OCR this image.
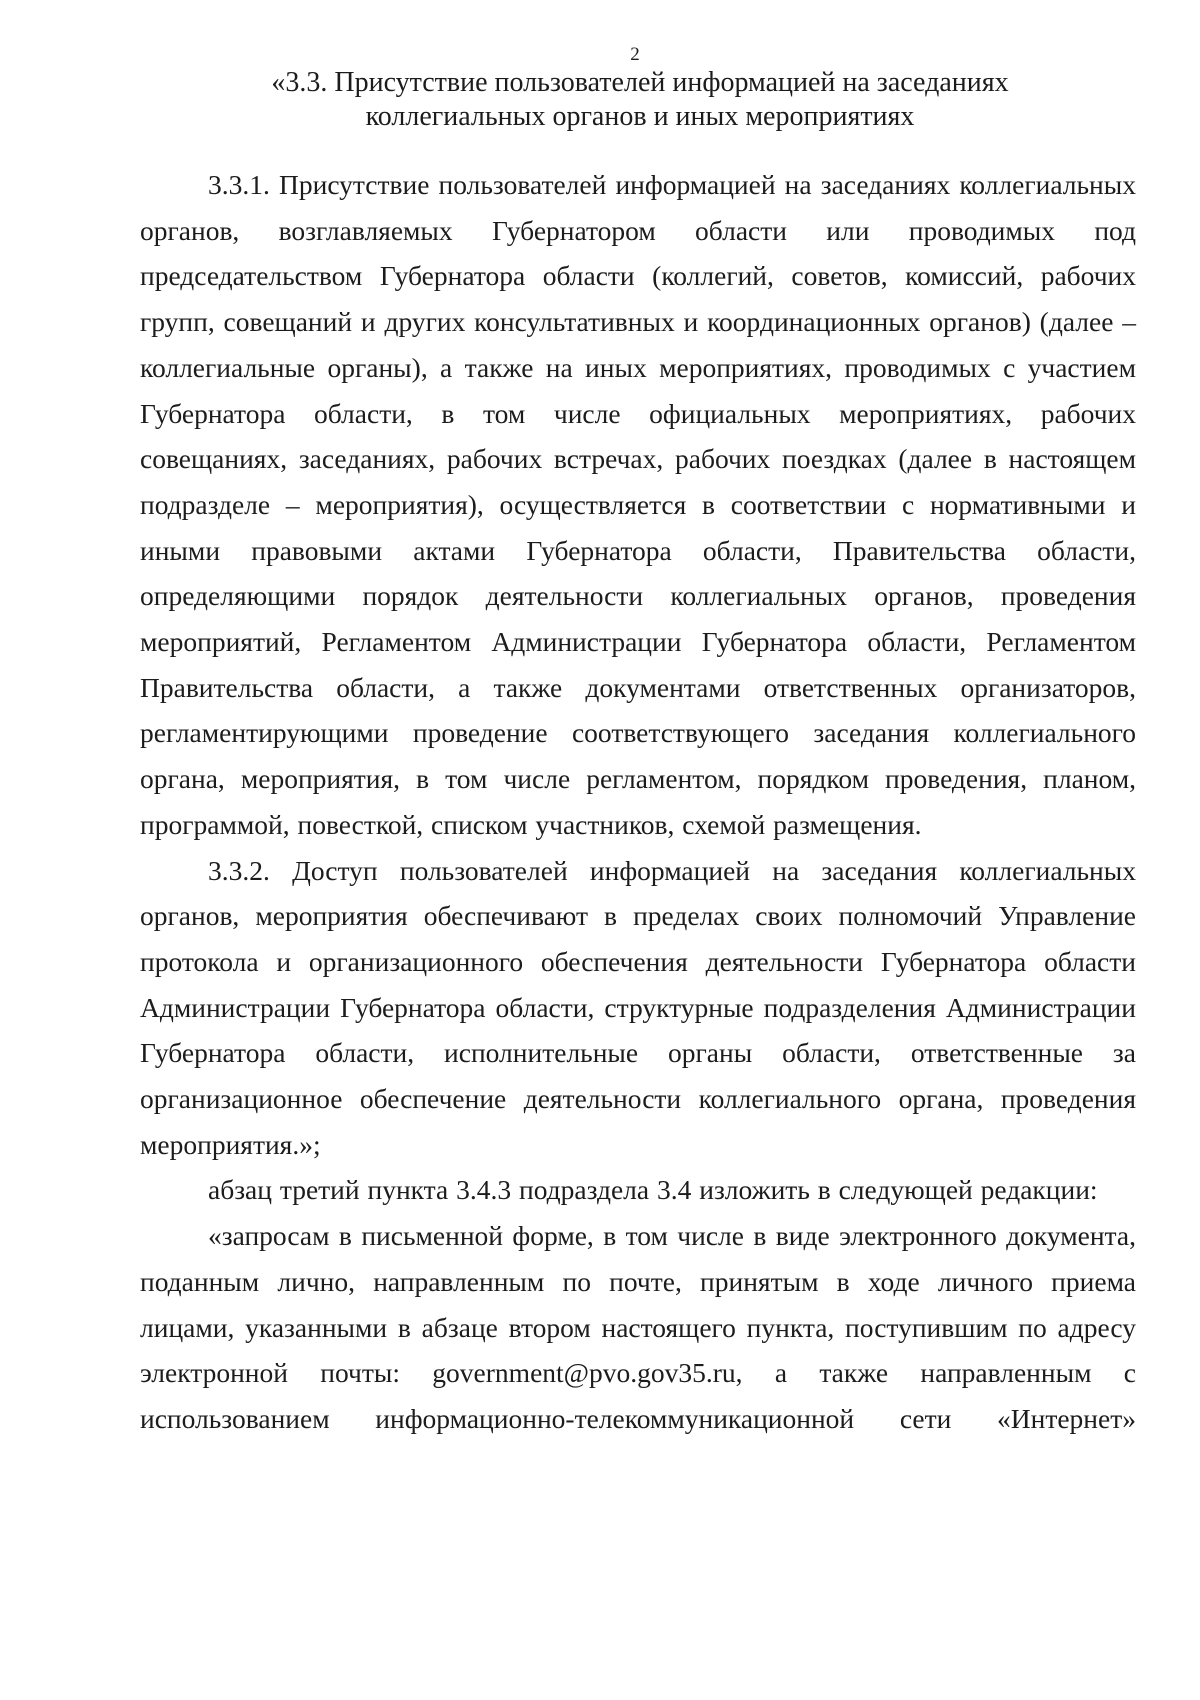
2
«3.3. Присутствие пользователей информацией на заседаниях
коллегиальных органов и иных мероприятиях

3.3.1. Присутствие пользователей информацией на заседаниях коллегиальных органов, возглавляемых Губернатором области или проводимых под председательством Губернатора области (коллегий, советов, комиссий, рабочих групп, совещаний и других консультативных и координационных органов) (далее – коллегиальные органы), а также на иных мероприятиях, проводимых с участием Губернатора области, в том числе официальных мероприятиях, рабочих совещаниях, заседаниях, рабочих встречах, рабочих поездках (далее в настоящем подразделе – мероприятия), осуществляется в соответствии с нормативными и иными правовыми актами Губернатора области, Правительства области, определяющими порядок деятельности коллегиальных органов, проведения мероприятий, Регламентом Администрации Губернатора области, Регламентом Правительства области, а также документами ответственных организаторов, регламентирующими проведение соответствующего заседания коллегиального органа, мероприятия, в том числе регламентом, порядком проведения, планом, программой, повесткой, списком участников, схемой размещения.

3.3.2. Доступ пользователей информацией на заседания коллегиальных органов, мероприятия обеспечивают в пределах своих полномочий Управление протокола и организационного обеспечения деятельности Губернатора области Администрации Губернатора области, структурные подразделения Администрации Губернатора области, исполнительные органы области, ответственные за организационное обеспечение деятельности коллегиального органа, проведения мероприятия.»;

абзац третий пункта 3.4.3 подраздела 3.4 изложить в следующей редакции:

«запросам в письменной форме, в том числе в виде электронного документа, поданным лично, направленным по почте, принятым в ходе личного приема лицами, указанными в абзаце втором настоящего пункта, поступившим по адресу электронной почты: government@pvo.gov35.ru, а также направленным с использованием информационно-телекоммуникационной сети «Интернет»
